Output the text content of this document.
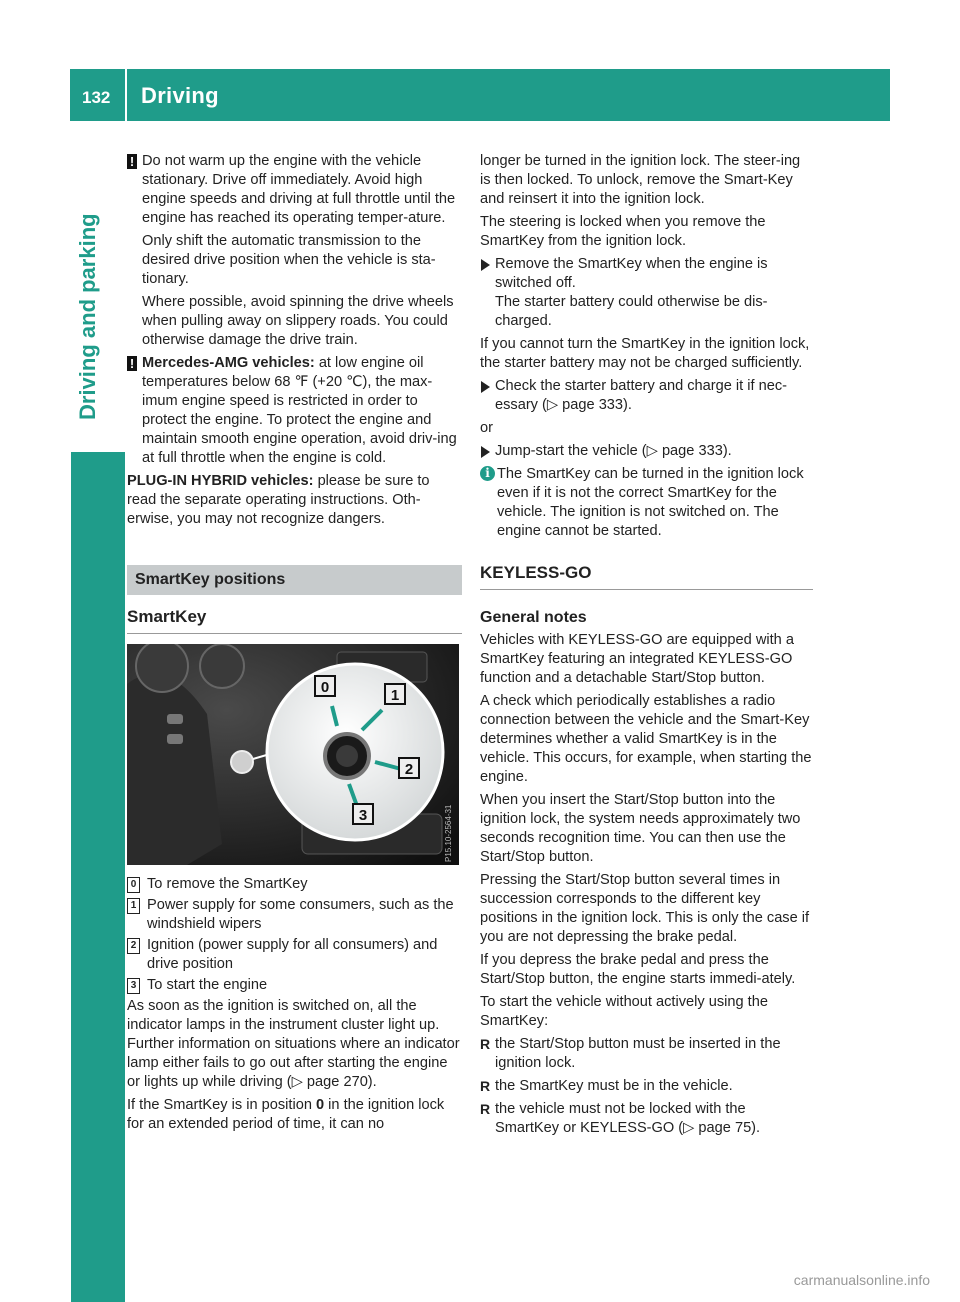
132 Driving
Driving and parking
! Do not warm up the engine with the vehicle stationary. Drive off immediately. Avoid high engine speeds and driving at full throttle until the engine has reached its operating temper-ature.

Only shift the automatic transmission to the desired drive position when the vehicle is sta-tionary.

Where possible, avoid spinning the drive wheels when pulling away on slippery roads. You could otherwise damage the drive train.

! Mercedes-AMG vehicles: at low engine oil temperatures below 68 ℉ (+20 ℃), the max-imum engine speed is restricted in order to protect the engine. To protect the engine and maintain smooth engine operation, avoid driv-ing at full throttle when the engine is cold.

PLUG-IN HYBRID vehicles: please be sure to read the separate operating instructions. Oth-erwise, you may not recognize dangers.

SmartKey positions
SmartKey
0	1
2
3	P15.10-2564-31
0 To remove the SmartKey
1 Power supply for some consumers, such as the windshield wipers
2 Ignition (power supply for all consumers) and drive position
3 To start the engine

As soon as the ignition is switched on, all the indicator lamps in the instrument cluster light up. Further information on situations where an indicator lamp either fails to go out after starting the engine or lights up while driving (▷ page 270).

If the SmartKey is in position 0 in the ignition lock for an extended period of time, it can no

longer be turned in the ignition lock. The steer-ing is then locked. To unlock, remove the Smart-Key and reinsert it into the ignition lock.

The steering is locked when you remove the SmartKey from the ignition lock.

Remove the SmartKey when the engine is switched off.
The starter battery could otherwise be dis-charged.

If you cannot turn the SmartKey in the ignition lock, the starter battery may not be charged sufficiently.

Check the starter battery and charge it if nec-essary (▷ page 333).

or

Jump-start the vehicle (▷ page 333).
i The SmartKey can be turned in the ignition lock even if it is not the correct SmartKey for the vehicle. The ignition is not switched on. The engine cannot be started.

KEYLESS-GO
General notes

Vehicles with KEYLESS-GO are equipped with a SmartKey featuring an integrated KEYLESS-GO function and a detachable Start/Stop button.

A check which periodically establishes a radio connection between the vehicle and the Smart-Key determines whether a valid SmartKey is in the vehicle. This occurs, for example, when starting the engine.

When you insert the Start/Stop button into the ignition lock, the system needs approximately two seconds recognition time. You can then use the Start/Stop button.

Pressing the Start/Stop button several times in succession corresponds to the different key positions in the ignition lock. This is only the case if you are not depressing the brake pedal.

If you depress the brake pedal and press the Start/Stop button, the engine starts immedi-ately.

To start the vehicle without actively using the SmartKey:

R the Start/Stop button must be inserted in the ignition lock.
R the SmartKey must be in the vehicle.
R the vehicle must not be locked with the SmartKey or KEYLESS-GO (▷ page 75).
carmanualsonline.info
